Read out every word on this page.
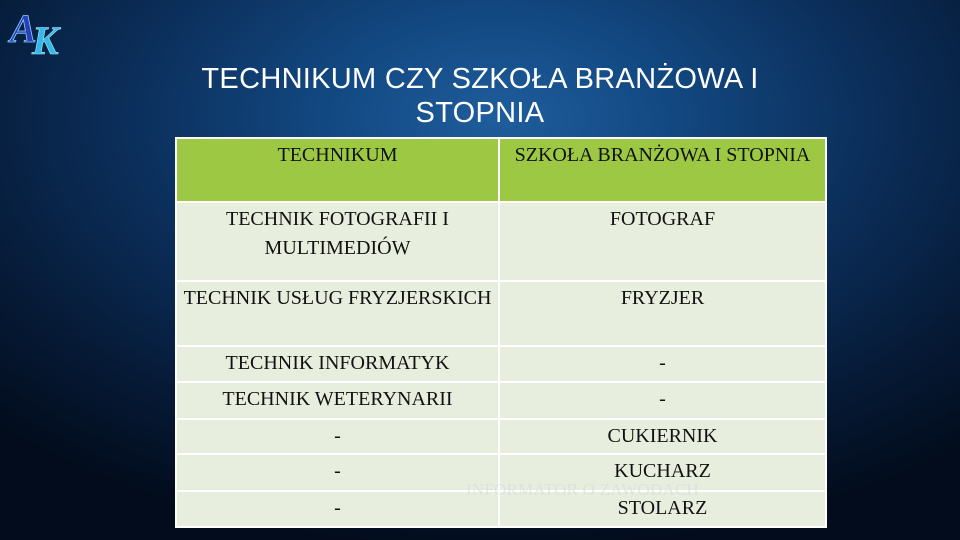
A
K
TECHNIKUM CZY SZKOŁA BRANŻOWA I
STOPNIA
TECHNIKUM	SZKOŁA BRANŻOWA I STOPNIA
TECHNIK FOTOGRAFII I MULTIMEDIÓW	FOTOGRAF
TECHNIK USŁUG FRYZJERSKICH	FRYZJER
TECHNIK INFORMATYK	-
TECHNIK WETERYNARII	-
-	CUKIERNIK
-	KUCHARZ
-	STOLARZ
INFORMATOR O ZAWODACH
